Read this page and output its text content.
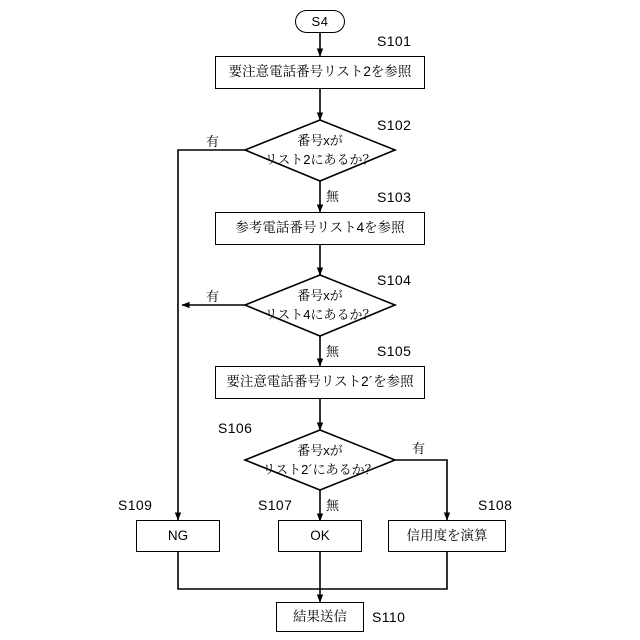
S4
要注意電話番号リスト2を参照
S101
番号xが
リスト2にあるか？
S102
有
無
参考電話番号リスト4を参照
S103
番号xが
リスト4にあるか？
S104
有
無
要注意電話番号リスト2´を参照
S105
番号xが
リスト2´にあるか？
S106
有
無
NG
S109
OK
S107
信用度を演算
S108
結果送信 S110
